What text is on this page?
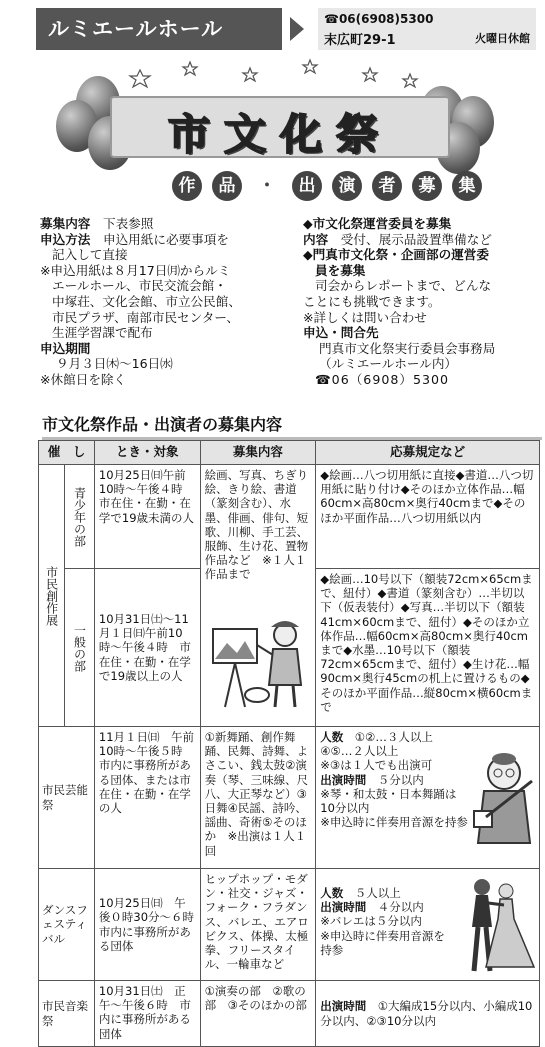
ルミエールホール	☎06(6908)5300
末広町29-1	火曜日休館
市文化祭
作	品	・	出	演	者	募	集
募集内容　 下表参照
申込方法　 申込用紙に必要事項を
記入して直接
※申込用紙は８月17日㈪からルミ
エールホール、市民交流会館・
中塚荘、文化会館、市立公民館、
市民プラザ、南部市民センター、
生涯学習課で配布
申込期間
９月３日㈭〜16日㈬
※休館日を除く
◆市文化祭運営委員を募集
内容　 受付、展示品設置準備など
◆門真市文化祭・企画部の運営委
員を募集
司会からレポートまで、どんな
ことにも挑戦できます。
※詳しくは問い合わせ
申込・問合先
門真市文化祭実行委員会事務局
（ルミエールホール内）
☎06（6908）5300
市文化祭作品・出演者の募集内容
催　し		とき・対象	募集内容	応募規定など
市民創作展	青少年の部	10月25日㈰午前10時〜午後４時　市在住・在勤・在学で19歳未満の人	絵画、写真、ちぎり絵、きり絵、書道（篆刻含む）、水墨、俳画、俳句、短歌、川柳、手工芸、服飾、生け花、置物作品など　※１人１作品まで	◆絵画…八つ切用紙に直接◆書道…八つ切用紙に貼り付け◆そのほか立体作品…幅60cm×高80cm×奥行40cmまで◆そのほか平面作品…八つ切用紙以内
	一般の部	10月31日㈯〜11月１日㈰午前10時〜午後４時　市在住・在勤・在学で19歳以上の人		◆絵画…10号以下（額装72cm×65cmまで、紐付）◆書道（篆刻含む）…半切以下（仮表装付）◆写真…半切以下（額装41cm×60cmまで、紐付）◆そのほか立体作品…幅60cm×高80cm×奥行40cmまで◆水墨…10号以下（額装72cm×65cmまで、紐付）◆生け花…幅90cm×奥行45cmの机上に置けるもの◆そのほか平面作品…縦80cm×横60cmまで
市民芸能祭		11月１日㈰　午前10時〜午後５時　市内に事務所がある団体、または市在住・在勤・在学の人	①新舞踊、創作舞踊、民舞、詩舞、よさこい、銭太鼓②演奏（琴、三味線、尺八、大正琴など）③日舞④民謡、詩吟、謡曲、奇術⑤そのほか　※出演は１人１回	人数　 ①②…３人以上　④⑤…２人以上
※③は１人でも出演可
出演時間　 ５分以内
※琴・和太鼓・日本舞踊は10分以内
※申込時に伴奏用音源を持参

ダンスフェスティバル		10月25日㈰　午後０時30分〜６時　市内に事務所がある団体	ヒップホップ・モダン・社交・ジャズ・フォーク・フラダンス、バレエ、エアロビクス、体操、太極拳、フリースタイル、一輪車など	人数　 ５人以上
出演時間　 ４分以内
※バレエは５分以内
※申込時に伴奏用音源を持参

市民音楽祭		10月31日㈯　正午〜午後６時　市内に事務所がある団体	①演奏の部　②歌の部　③そのほかの部	出演時間　 ①大編成15分以内、小編成10分以内、②③10分以内
